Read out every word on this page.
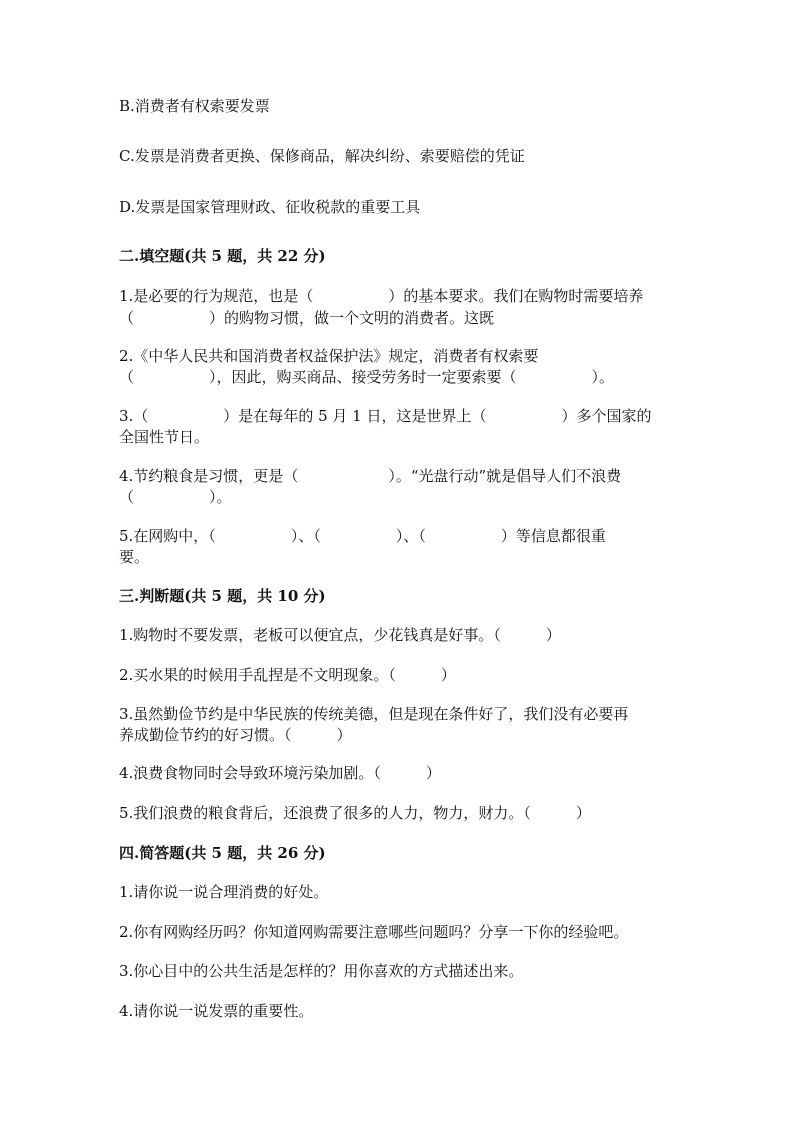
B.消费者有权索要发票

C.发票是消费者更换、保修商品，解决纠纷、索要赔偿的凭证

D.发票是国家管理财政、征收税款的重要工具

二.填空题(共 5 题，共 22 分)

1.是必要的行为规范，也是（　　　　　）的基本要求。我们在购物时需要培养

（　　　　　）的购物习惯，做一个文明的消费者。这既

2.《中华人民共和国消费者权益保护法》规定，消费者有权索要

（　　　　　），因此，购买商品、接受劳务时一定要索要（　　　　　）。

3.（　　　　　）是在每年的 5 月 1 日，这是世界上（　　　　　）多个国家的

全国性节日。

4.节约粮食是习惯，更是（　　　　　　）。“光盘行动”就是倡导人们不浪费

（　　　　　）。

5.在网购中，（　　　　　）、（　　　　　）、（　　　　　）等信息都很重

要。

三.判断题(共 5 题，共 10 分)

1.购物时不要发票，老板可以便宜点，少花钱真是好事。（　　　）

2.买水果的时候用手乱捏是不文明现象。（　　　）

3.虽然勤俭节约是中华民族的传统美德，但是现在条件好了，我们没有必要再

养成勤俭节约的好习惯。（　　　）

4.浪费食物同时会导致环境污染加剧。（　　　）

5.我们浪费的粮食背后，还浪费了很多的人力，物力，财力。（　　　）

四.简答题(共 5 题，共 26 分)

1.请你说一说合理消费的好处。

2.你有网购经历吗？你知道网购需要注意哪些问题吗？分享一下你的经验吧。

3.你心目中的公共生活是怎样的？用你喜欢的方式描述出来。

4.请你说一说发票的重要性。
